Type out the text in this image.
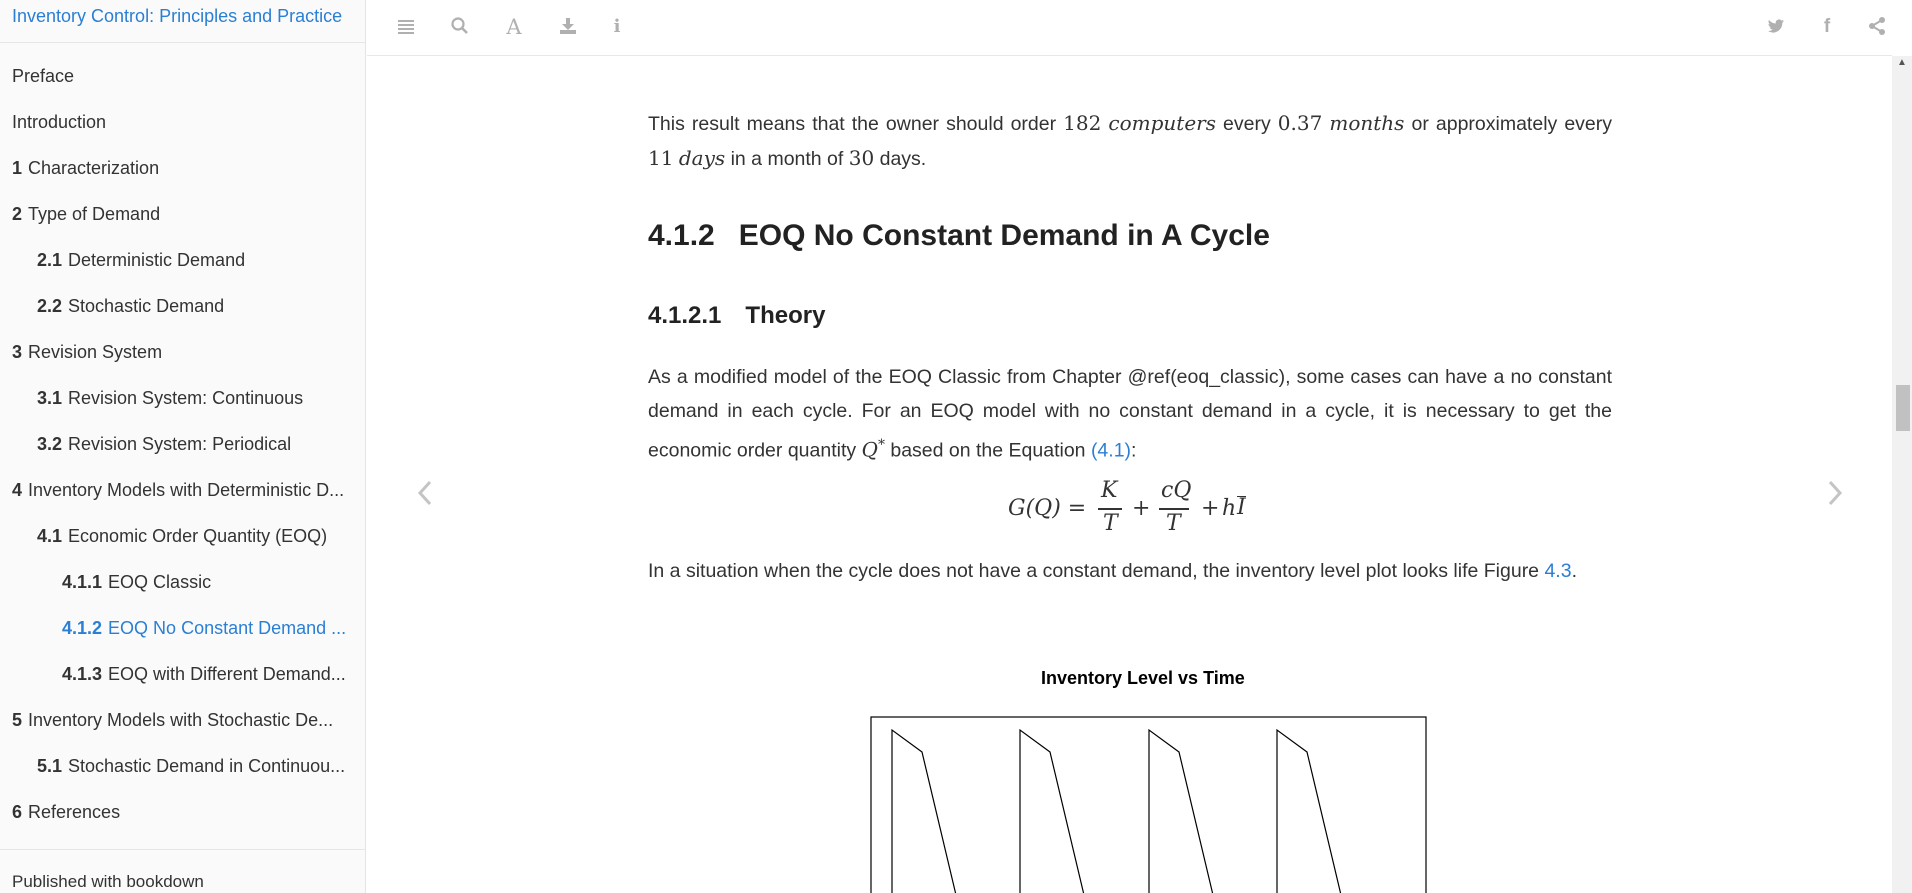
Inventory Control: Principles and Practice
Preface
Introduction
1 Characterization
2 Type of Demand
2.1 Deterministic Demand
2.2 Stochastic Demand
3 Revision System
3.1 Revision System: Continuous
3.2 Revision System: Periodical
4 Inventory Models with Deterministic D...
4.1 Economic Order Quantity (EOQ)
4.1.1 EOQ Classic
4.1.2 EOQ No Constant Demand ...
4.1.3 EOQ with Different Demand...
5 Inventory Models with Stochastic De...
5.1 Stochastic Demand in Continuou...
6 References
Published with bookdown
A	i	f
▲

This result means that the owner should order 182 computers every 0.37 months or approximately every 11 days in a month of 30 days.

4.1.2 EOQ No Constant Demand in A Cycle
4.1.2.1 Theory

As a modified model of the EOQ Classic from Chapter @ref(eoq_classic), some cases can have a no constant demand in each cycle. For an EOQ model with no constant demand in a cycle, it is necessary to get the economic order quantity Q* based on the Equation (4.1):

G(Q) =
K
T
+
cQ
T
+ h I

In a situation when the cycle does not have a constant demand, the inventory level plot looks life Figure 4.3.

Inventory Level vs Time
